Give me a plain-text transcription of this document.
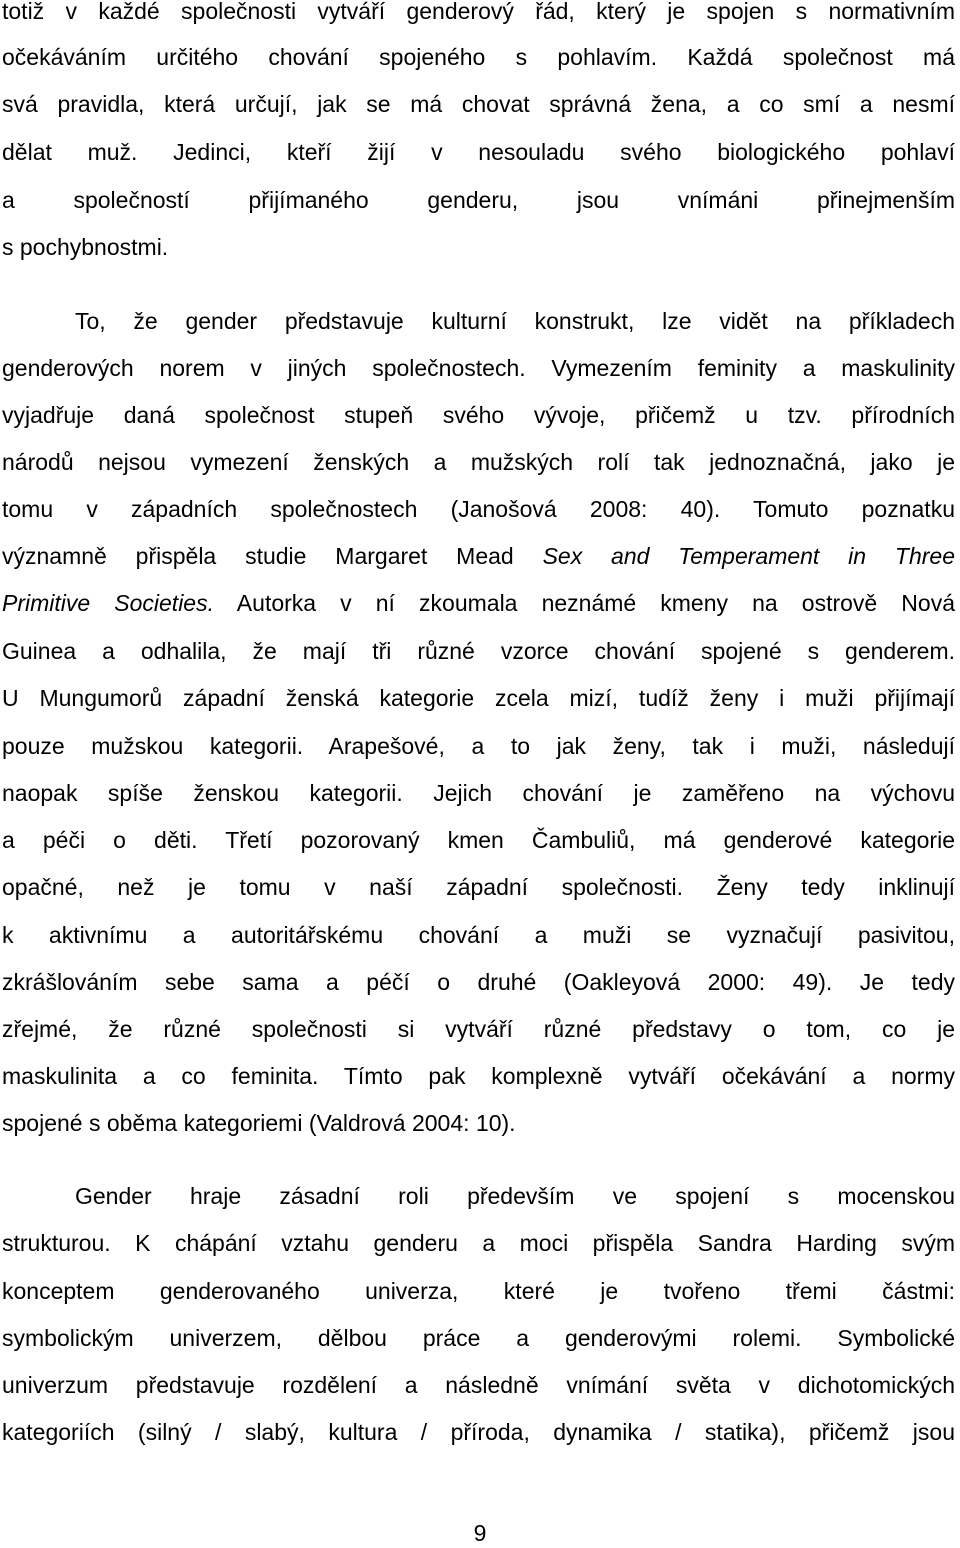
totiž v každé společnosti vytváří genderový řád, který je spojen s normativním
očekáváním určitého chování spojeného s pohlavím. Každá společnost má
svá pravidla, která určují, jak se má chovat správná žena, a co smí a nesmí
dělat muž. Jedinci, kteří žijí v nesouladu svého biologického pohlaví
a společností přijímaného genderu, jsou vnímáni přinejmenším
s pochybnostmi.
To, že gender představuje kulturní konstrukt, lze vidět na příkladech
genderových norem v jiných společnostech. Vymezením feminity a maskulinity
vyjadřuje daná společnost stupeň svého vývoje, přičemž u tzv. přírodních
národů nejsou vymezení ženských a mužských rolí tak jednoznačná, jako je
tomu v západních společnostech (Janošová 2008: 40). Tomuto poznatku
významně přispěla studie Margaret Mead Sex and Temperament in Three
Primitive Societies. Autorka v ní zkoumala neznámé kmeny na ostrově Nová
Guinea a odhalila, že mají tři různé vzorce chování spojené s genderem.
U Mungumorů západní ženská kategorie zcela mizí, tudíž ženy i muži přijímají
pouze mužskou kategorii. Arapešové, a to jak ženy, tak i muži, následují
naopak spíše ženskou kategorii. Jejich chování je zaměřeno na výchovu
a péči o děti. Třetí pozorovaný kmen Čambuliů, má genderové kategorie
opačné, než je tomu v naší západní společnosti. Ženy tedy inklinují
k aktivnímu a autoritářskému chování a muži se vyznačují pasivitou,
zkrášlováním sebe sama a péčí o druhé (Oakleyová 2000: 49). Je tedy
zřejmé, že různé společnosti si vytváří různé představy o tom, co je
maskulinita a co feminita. Tímto pak komplexně vytváří očekávání a normy
spojené s oběma kategoriemi (Valdrová 2004: 10).
Gender hraje zásadní roli především ve spojení s mocenskou
strukturou. K chápání vztahu genderu a moci přispěla Sandra Harding svým
konceptem genderovaného univerza, které je tvořeno třemi částmi:
symbolickým univerzem, dělbou práce a genderovými rolemi. Symbolické
univerzum představuje rozdělení a následně vnímání světa v dichotomických
kategoriích (silný / slabý, kultura / příroda, dynamika / statika), přičemž jsou
9
